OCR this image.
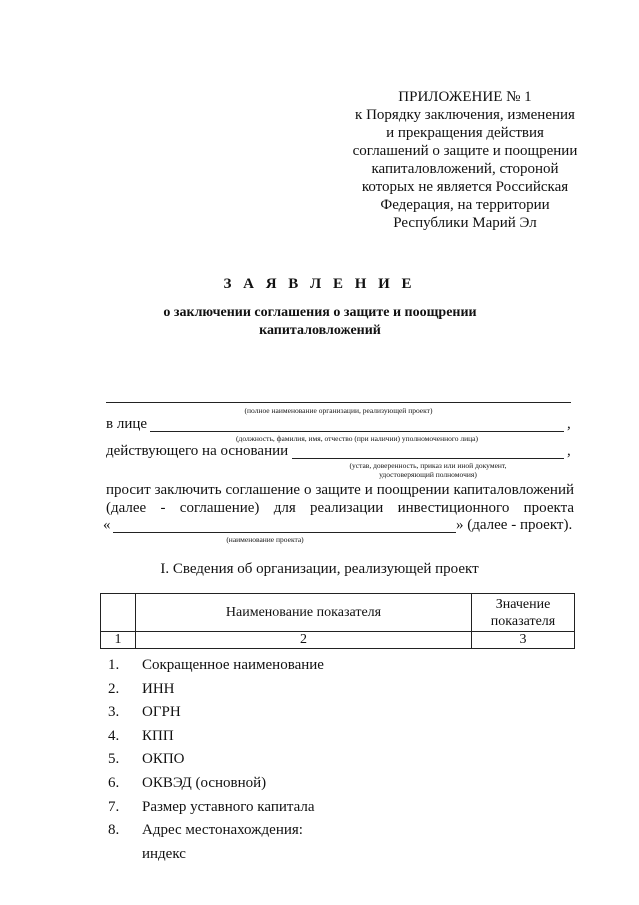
ПРИЛОЖЕНИЕ № 1
к Порядку заключения, изменения
и прекращения действия
соглашений о защите и поощрении
капиталовложений, стороной
которых не является Российская
Федерация, на территории
Республики Марий Эл
З А Я В Л Е Н И Е
о заключении соглашения о защите и поощрении
капиталовложений
(полное наименование организации, реализующей проект)
в лице	,
(должность, фамилия, имя, отчество (при наличии) уполномоченного лица)
действующего на основании	,
(устав, доверенность, приказ или иной документ,
удостоверяющий полномочия)
просит заключить соглашение о защите и поощрении капиталовложений
(далее - соглашение) для реализации инвестиционного проекта
«	» (далее - проект).
(наименование проекта)
I. Сведения об организации, реализующей проект
	Наименование показателя	Значение показателя
1	2	3
1. Сокращенное наименование
2. ИНН
3. ОГРН
4. КПП
5. ОКПО
6. ОКВЭД (основной)
7. Размер уставного капитала
8. Адрес местонахождения:
индекс
